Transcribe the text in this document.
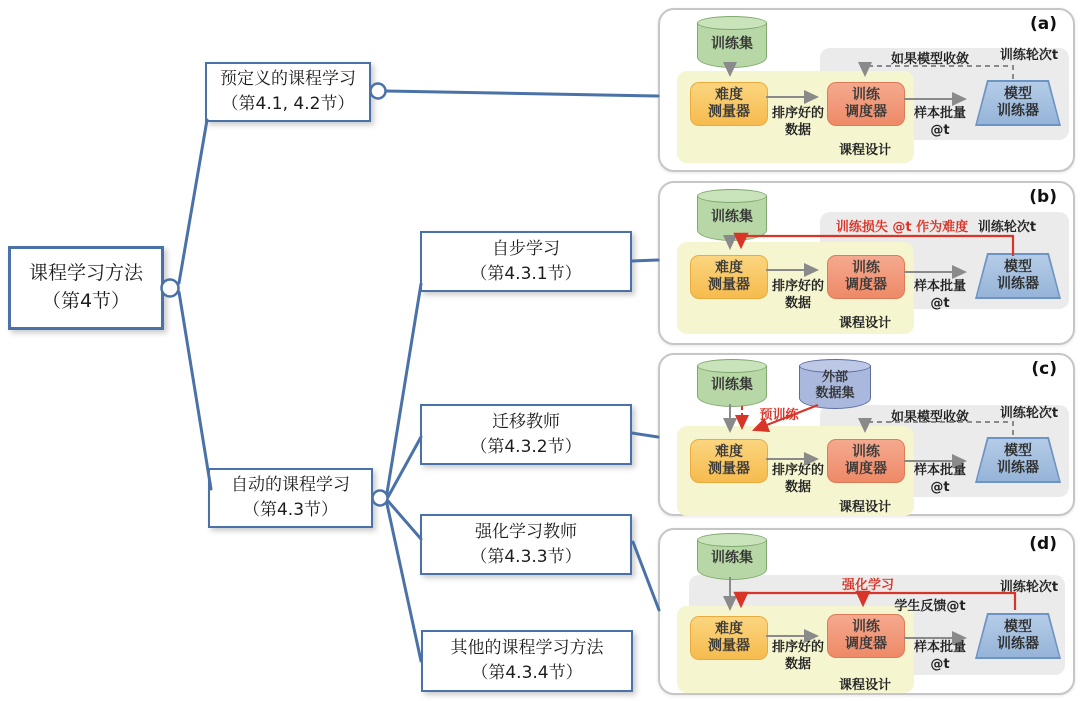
(a)
训练集
难度
测量器
训练
调度器
模型
训练器
排序好的
数据
样本批量
@t
课程设计
如果模型收敛	训练轮次t
(b)
训练集
难度
测量器
训练
调度器
模型
训练器
训练损失 @t 作为难度 训练轮次t
排序好的
数据
样本批量
@t
课程设计
(c)
训练集	外部
数据集
预训练
难度
测量器
训练
调度器
模型
训练器
如果模型收敛	训练轮次t
排序好的
数据
样本批量
@t
课程设计
(d)
训练集
强化学习	训练轮次t
学生反馈@t
难度
测量器
训练
调度器
模型
训练器
排序好的
数据
样本批量
@t
课程设计
课程学习方法
（第4节）
预定义的课程学习
（第4.1, 4.2节）
自动的课程学习
（第4.3节）
自步学习
（第4.3.1节）
迁移教师
（第4.3.2节）
强化学习教师
（第4.3.3节）
其他的课程学习方法
（第4.3.4节）
